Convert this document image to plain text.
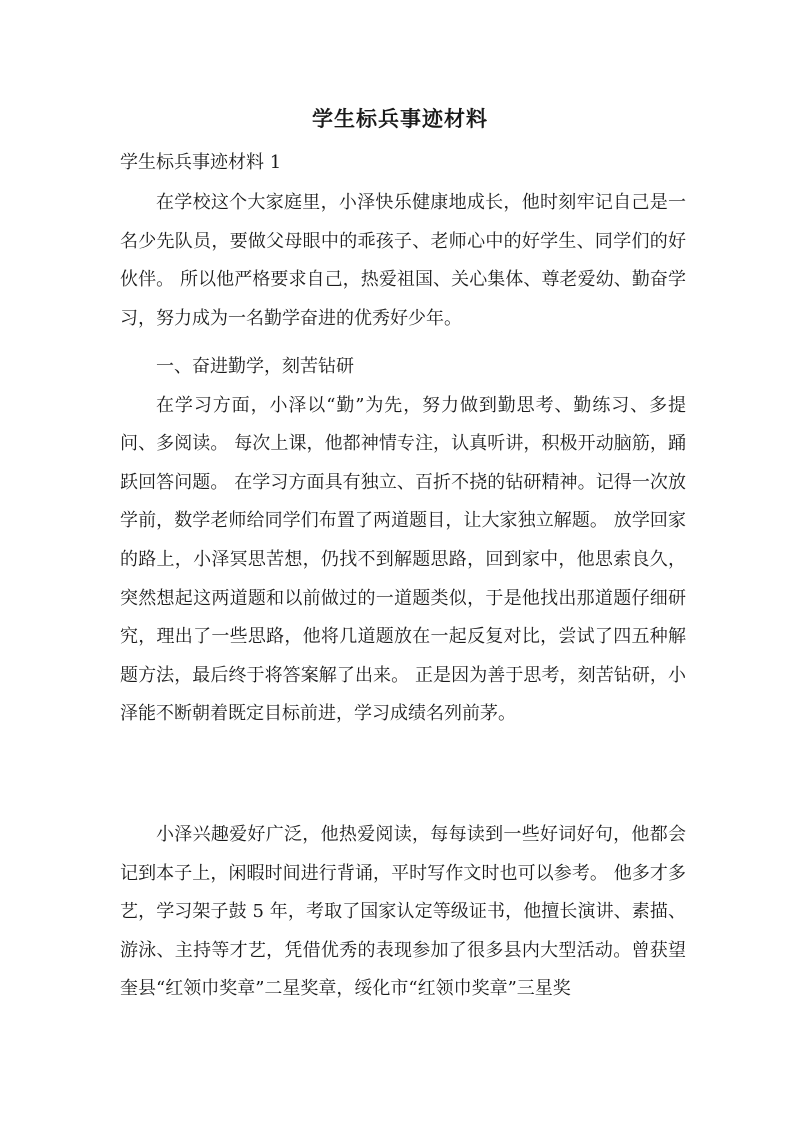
学生标兵事迹材料
学生标兵事迹材料 1

在学校这个大家庭里，小泽快乐健康地成长，他时刻牢记自己是一名少先队员，要做父母眼中的乖孩子、老师心中的好学生、同学们的好伙伴。 所以他严格要求自己，热爱祖国、关心集体、尊老爱幼、勤奋学习，努力成为一名勤学奋进的优秀好少年。

一、奋进勤学，刻苦钻研

在学习方面，小泽以“勤”为先，努力做到勤思考、勤练习、多提问、多阅读。 每次上课，他都神情专注，认真听讲，积极开动脑筋，踊跃回答问题。 在学习方面具有独立、百折不挠的钻研精神。记得一次放学前，数学老师给同学们布置了两道题目，让大家独立解题。 放学回家的路上，小泽冥思苦想，仍找不到解题思路，回到家中，他思索良久，突然想起这两道题和以前做过的一道题类似，于是他找出那道题仔细研究，理出了一些思路，他将几道题放在一起反复对比，尝试了四五种解题方法，最后终于将答案解了出来。 正是因为善于思考，刻苦钻研，小泽能不断朝着既定目标前进，学习成绩名列前茅。

小泽兴趣爱好广泛，他热爱阅读，每每读到一些好词好句，他都会记到本子上，闲暇时间进行背诵，平时写作文时也可以参考。 他多才多艺，学习架子鼓 5 年，考取了国家认定等级证书，他擅长演讲、素描、游泳、主持等才艺，凭借优秀的表现参加了很多县内大型活动。曾获望奎县“红领巾奖章”二星奖章，绥化市“红领巾奖章”三星奖
